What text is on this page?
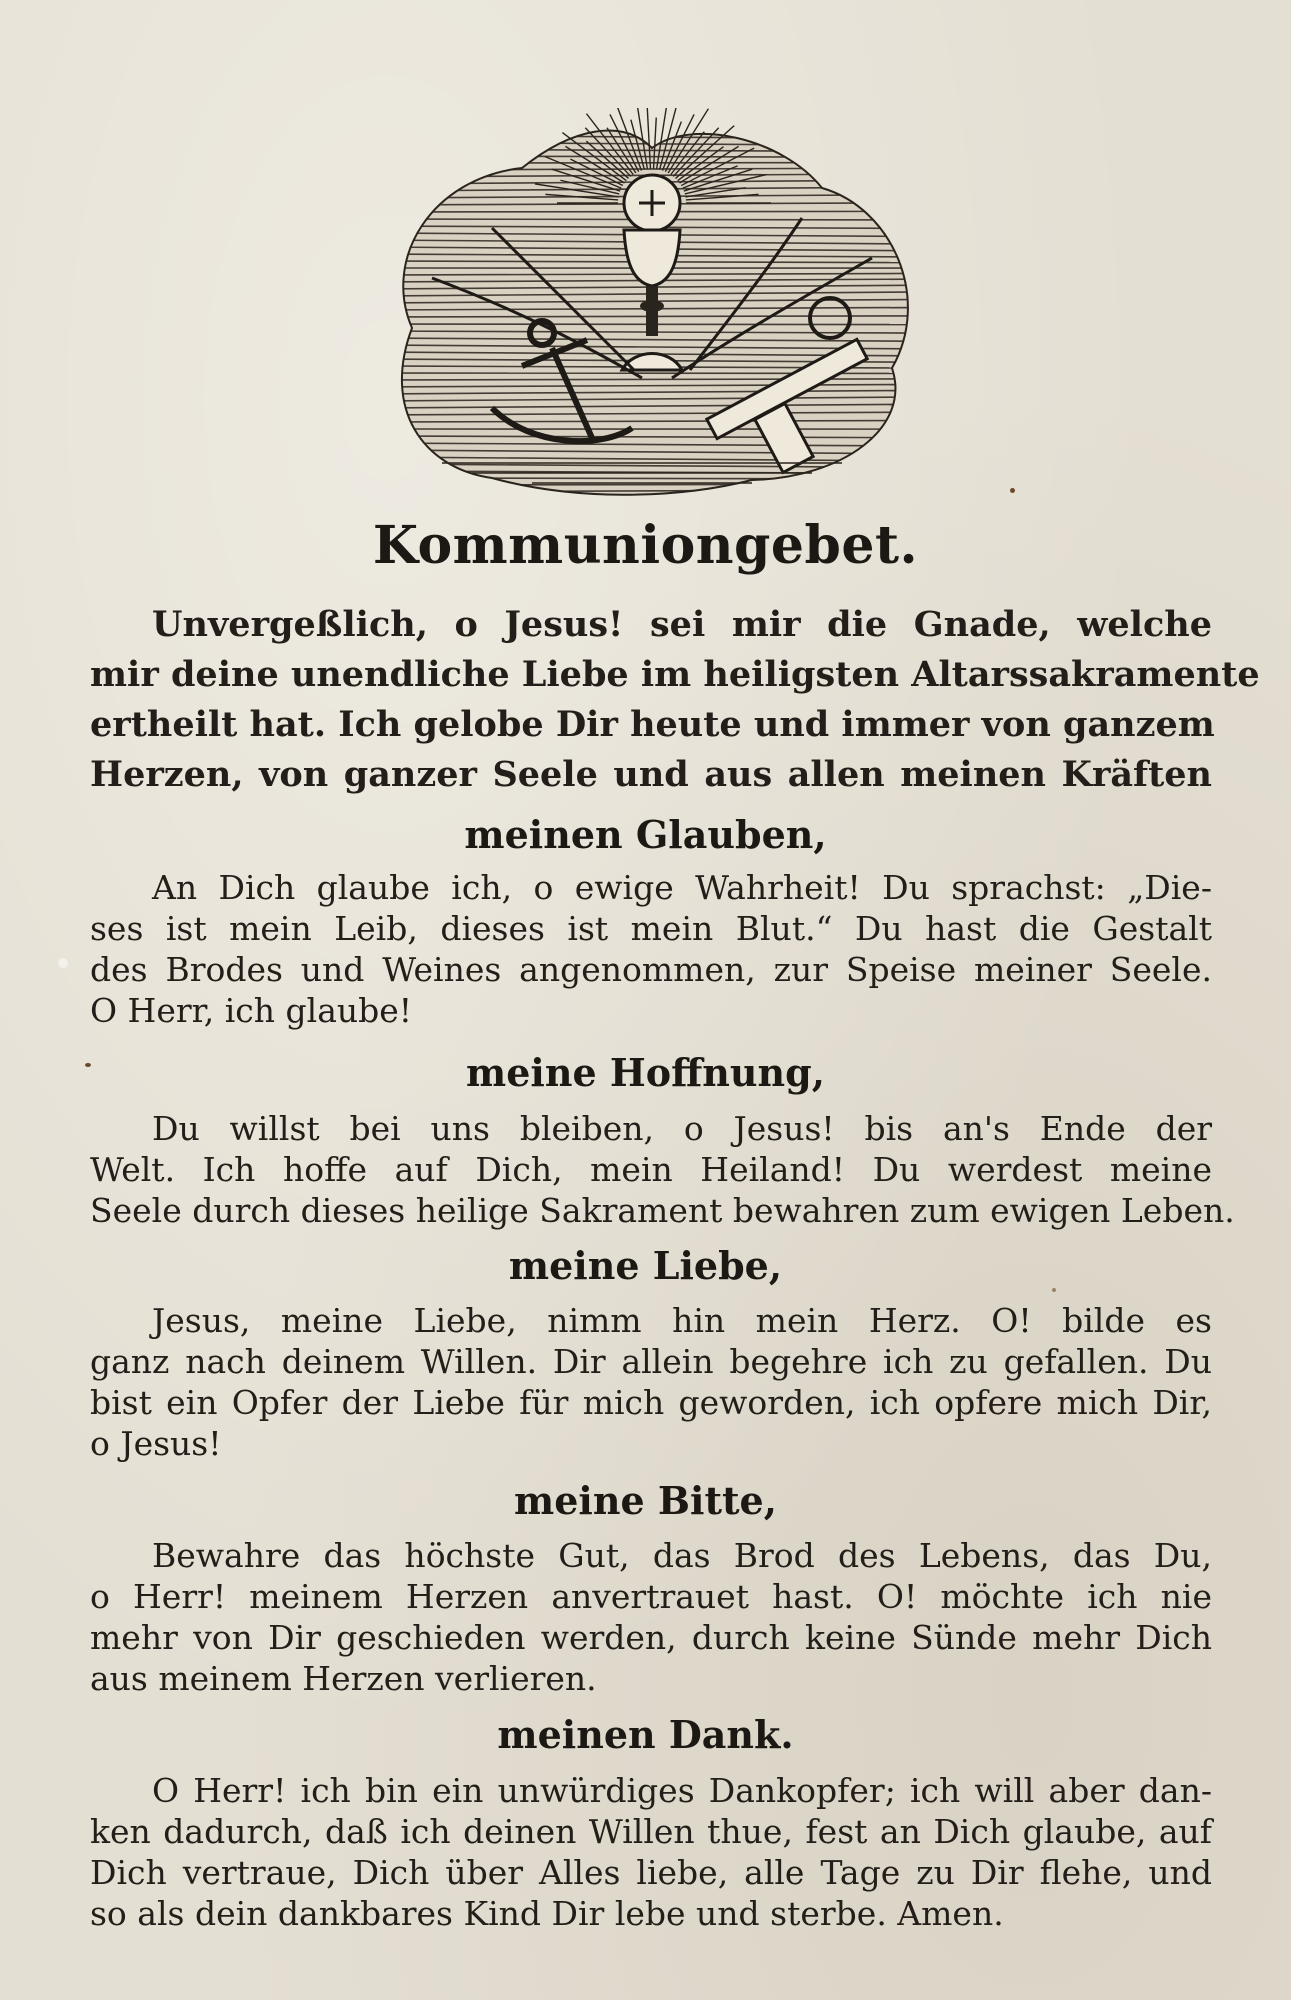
Kommuniongebet.
Unvergeßlich, o Jesus! sei mir die Gnade, welche
mir deine unendliche Liebe im heiligsten Altarssakramente
ertheilt hat. Ich gelobe Dir heute und immer von ganzem
Herzen, von ganzer Seele und aus allen meinen Kräften
meinen Glauben,
An Dich glaube ich, o ewige Wahrheit! Du sprachst: „Die-
ses ist mein Leib, dieses ist mein Blut.“ Du hast die Gestalt
des Brodes und Weines angenommen, zur Speise meiner Seele.
O Herr, ich glaube!
meine Hoffnung,
Du willst bei uns bleiben, o Jesus! bis an's Ende der
Welt. Ich hoffe auf Dich, mein Heiland! Du werdest meine
Seele durch dieses heilige Sakrament bewahren zum ewigen Leben.
meine Liebe,
Jesus, meine Liebe, nimm hin mein Herz. O! bilde es
ganz nach deinem Willen. Dir allein begehre ich zu gefallen. Du
bist ein Opfer der Liebe für mich geworden, ich opfere mich Dir,
o Jesus!
meine Bitte,
Bewahre das höchste Gut, das Brod des Lebens, das Du,
o Herr! meinem Herzen anvertrauet hast. O! möchte ich nie
mehr von Dir geschieden werden, durch keine Sünde mehr Dich
aus meinem Herzen verlieren.
meinen Dank.
O Herr! ich bin ein unwürdiges Dankopfer; ich will aber dan-
ken dadurch, daß ich deinen Willen thue, fest an Dich glaube, auf
Dich vertraue, Dich über Alles liebe, alle Tage zu Dir flehe, und
so als dein dankbares Kind Dir lebe und sterbe. Amen.
